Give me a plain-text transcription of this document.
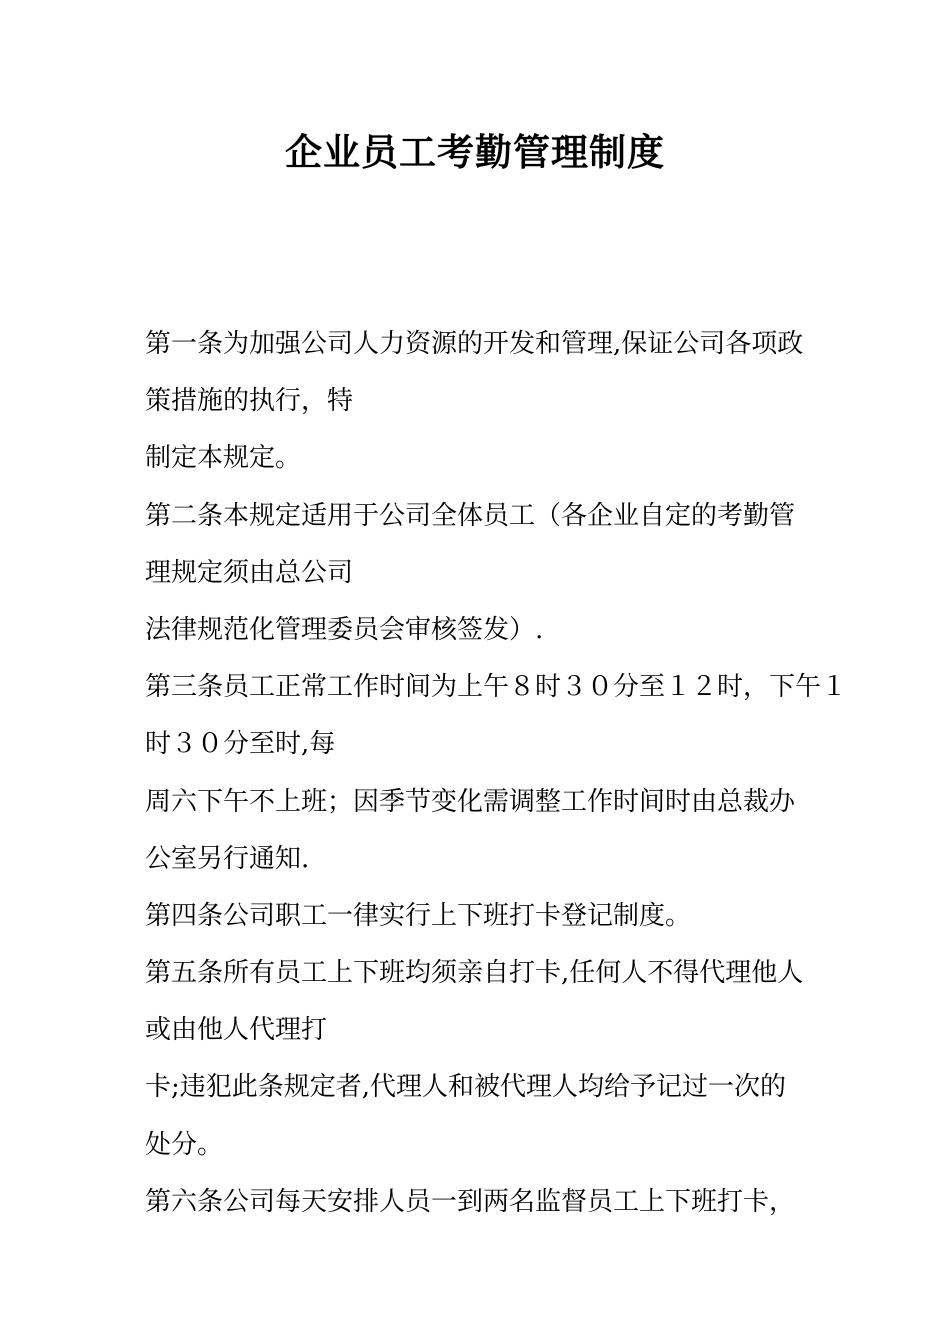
企业员工考勤管理制度
第一条为加强公司人力资源的开发和管理,保证公司各项政
策措施的执行，特
制定本规定。
第二条本规定适用于公司全体员工（各企业自定的考勤管
理规定须由总公司
法律规范化管理委员会审核签发）.
第三条员工正常工作时间为上午８时３０分至１２时，下午１
时３０分至时,每
周六下午不上班；因季节变化需调整工作时间时由总裁办
公室另行通知.
第四条公司职工一律实行上下班打卡登记制度。
第五条所有员工上下班均须亲自打卡,任何人不得代理他人
或由他人代理打
卡;违犯此条规定者,代理人和被代理人均给予记过一次的
处分。
第六条公司每天安排人员一到两名监督员工上下班打卡，
